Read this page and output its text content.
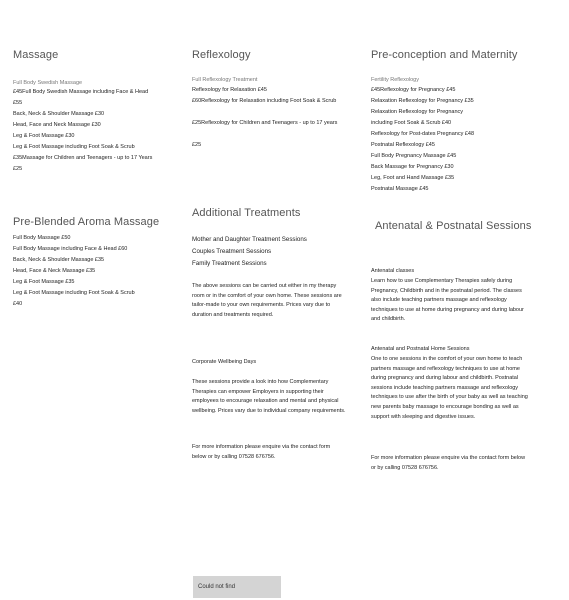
Massage
Full Body Swedish Massage
£45Full Body Swedish Massage including Face & Head
£55
Back, Neck & Shoulder Massage £30
Head, Face and Neck Massage £30
Leg & Foot Massage £30
Leg & Foot Massage including Foot Soak & Scrub
£35Massage for Children and Teenagers - up to 17 Years
£25
Pre-Blended Aroma Massage
Full Body Massage £50
Full Body Massage including Face & Head £60
Back, Neck & Shoulder Massage £35
Head, Face & Neck Massage £35
Leg & Foot Massage £35
Leg & Foot Massage including Foot Soak & Scrub
£40
Reflexology
Full Reflexology Treatment
Reflexology for Relaxation £45
£60Reflexology for Relaxation including Foot Soak & Scrub
£25Reflexology for Children and Teenagers - up to 17 years
£25
Additional Treatments
Mother and Daughter Treatment Sessions
Couples Treatment Sessions
Family Treatment Sessions
The above sessions can be carried out either in my therapy room or in the comfort of your own home. These sessions are tailor-made to your own requirements. Prices vary due to duration and treatments required.
Corporate Wellbeing Days
These sessions provide a look into how Complementary Therapies can empower Employers in supporting their employees to encourage relaxation and mental and physical wellbeing. Prices vary due to individual company requirements.
For more information please enquire via the contact form below or by calling 07528 676756.
Pre-conception and Maternity
Fertility Reflexology
£45Reflexology for Pregnancy £45
Relaxation Reflexology for Pregnancy £35
Relaxation Reflexology for Pregnancy
including Foot Soak & Scrub £40
Reflexology for Post-dates Pregnancy £48
Postnatal Reflexology £45
Full Body Pregnancy Massage £45
Back Massage for Pregnancy £30
Leg, Foot and Hand Massage £35
Postnatal Massage £45
Antenatal & Postnatal Sessions
Antenatal classes
Learn how to use Complementary Therapies safely during Pregnancy, Childbirth and in the postnatal period. The classes also include teaching partners massage and reflexology techniques to use at home during pregnancy and during labour and childbirth.
Antenatal and Postnatal Home Sessions
One to one sessions in the comfort of your own home to teach partners massage and reflexology techniques to use at home during pregnancy and during labour and childbirth. Postnatal sessions include teaching partners massage and reflexology techniques to use after the birth of your baby as well as teaching new parents baby massage to encourage bonding as well as support with sleeping and digestive issues.
For more information please enquire via the contact form below or by calling 07528 676756.
Could not find
